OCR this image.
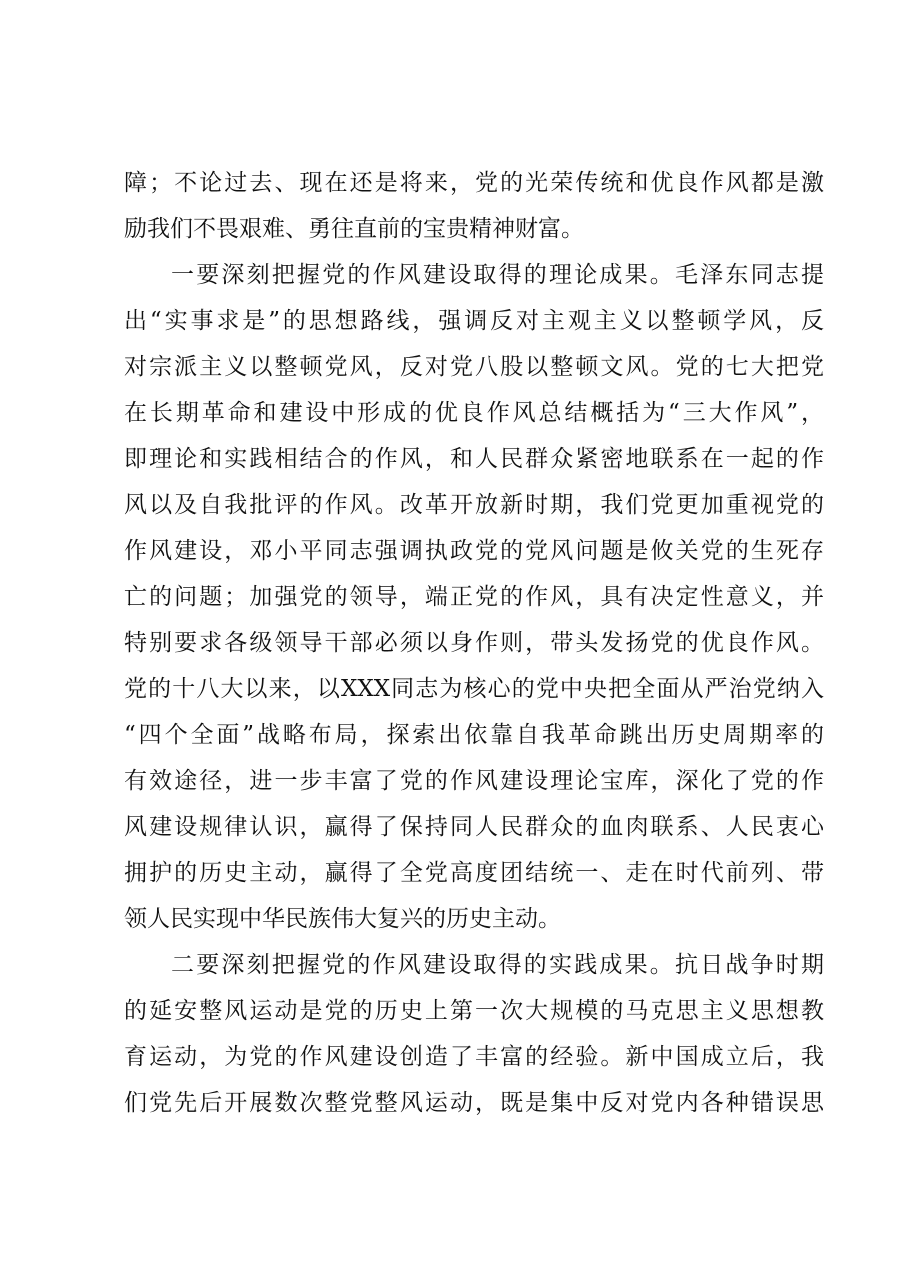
障；不论过去、现在还是将来，党的光荣传统和优良作风都是激
励我们不畏艰难、勇往直前的宝贵精神财富。
一要深刻把握党的作风建设取得的理论成果。毛泽东同志提
出“实事求是”的思想路线，强调反对主观主义以整顿学风，反
对宗派主义以整顿党风，反对党八股以整顿文风。党的七大把党
在长期革命和建设中形成的优良作风总结概括为“三大作风”，
即理论和实践相结合的作风，和人民群众紧密地联系在一起的作
风以及自我批评的作风。改革开放新时期，我们党更加重视党的
作风建设，邓小平同志强调执政党的党风问题是攸关党的生死存
亡的问题；加强党的领导，端正党的作风，具有决定性意义，并
特别要求各级领导干部必须以身作则，带头发扬党的优良作风。
党的十八大以来，以XXX同志为核心的党中央把全面从严治党纳入
“四个全面”战略布局，探索出依靠自我革命跳出历史周期率的
有效途径，进一步丰富了党的作风建设理论宝库，深化了党的作
风建设规律认识，赢得了保持同人民群众的血肉联系、人民衷心
拥护的历史主动，赢得了全党高度团结统一、走在时代前列、带
领人民实现中华民族伟大复兴的历史主动。
二要深刻把握党的作风建设取得的实践成果。抗日战争时期
的延安整风运动是党的历史上第一次大规模的马克思主义思想教
育运动，为党的作风建设创造了丰富的经验。新中国成立后，我
们党先后开展数次整党整风运动，既是集中反对党内各种错误思
